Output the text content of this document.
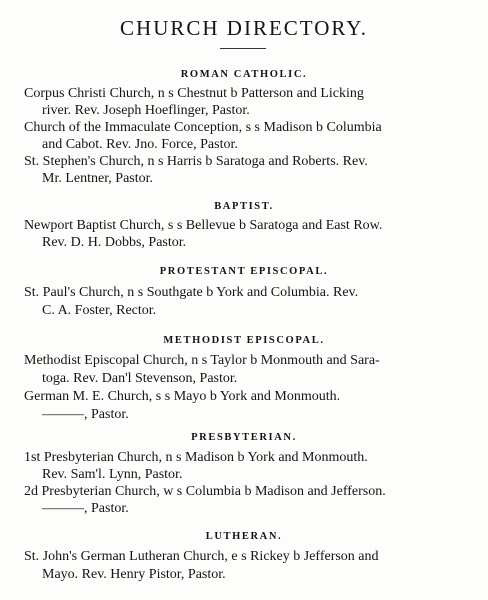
CHURCH DIRECTORY.
ROMAN CATHOLIC.
Corpus Christi Church, n s Chestnut b Patterson and Licking
river. Rev. Joseph Hoeflinger, Pastor.
Church of the Immaculate Conception, s s Madison b Columbia
and Cabot. Rev. Jno. Force, Pastor.
St. Stephen's Church, n s Harris b Saratoga and Roberts. Rev.
Mr. Lentner, Pastor.
BAPTIST.
Newport Baptist Church, s s Bellevue b Saratoga and East Row.
Rev. D. H. Dobbs, Pastor.
PROTESTANT EPISCOPAL.
St. Paul's Church, n s Southgate b York and Columbia. Rev.
C. A. Foster, Rector.
METHODIST EPISCOPAL.
Methodist Episcopal Church, n s Taylor b Monmouth and Sara-
toga. Rev. Dan'l Stevenson, Pastor.
German M. E. Church, s s Mayo b York and Monmouth.
———, Pastor.
PRESBYTERIAN.
1st Presbyterian Church, n s Madison b York and Monmouth.
Rev. Sam'l. Lynn, Pastor.
2d Presbyterian Church, w s Columbia b Madison and Jefferson.
———, Pastor.
LUTHERAN.
St. John's German Lutheran Church, e s Rickey b Jefferson and
Mayo. Rev. Henry Pistor, Pastor.
